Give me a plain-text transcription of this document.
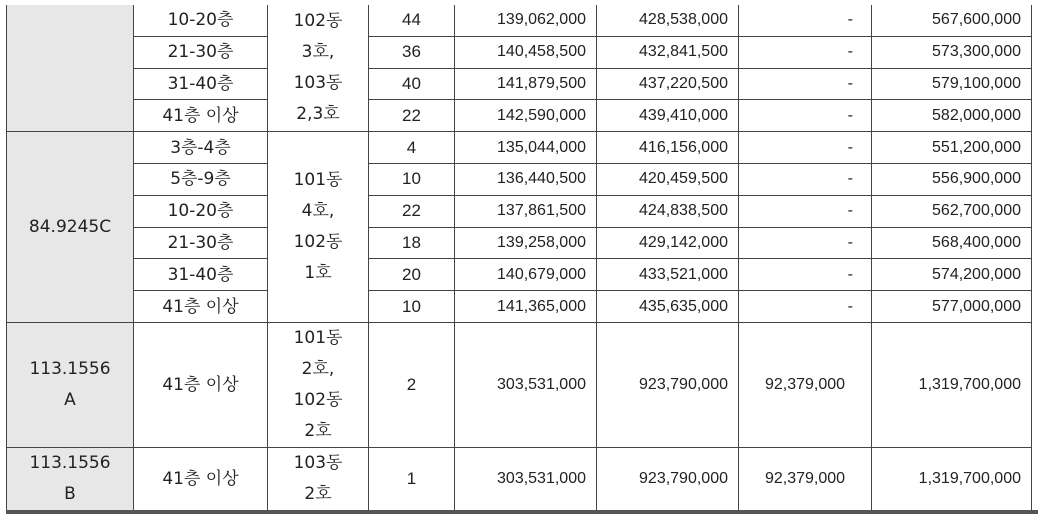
	10-20층	102동
3호,
103동
2,3호	44	139,062,000	428,538,000	-	567,600,000	
	21-30층		36	140,458,500	432,841,500	-	573,300,000	
	31-40층		40	141,879,500	437,220,500	-	579,100,000	
	41층 이상		22	142,590,000	439,410,000	-	582,000,000	
84.9245C	3층-4층	101동
4호,
102동
1호	4	135,044,000	416,156,000	-	551,200,000	
	5층-9층		10	136,440,500	420,459,500	-	556,900,000	
	10-20층		22	137,861,500	424,838,500	-	562,700,000	
	21-30층		18	139,258,000	429,142,000	-	568,400,000	
	31-40층		20	140,679,000	433,521,000	-	574,200,000	
	41층 이상		10	141,365,000	435,635,000	-	577,000,000	

113.1556
A	41층 이상	101동
2호,
102동
2호	2	303,531,000	923,790,000	92,379,000	1,319,700,000	

113.1556
B	41층 이상	103동
2호	1	303,531,000	923,790,000	92,379,000	1,319,700,000	
